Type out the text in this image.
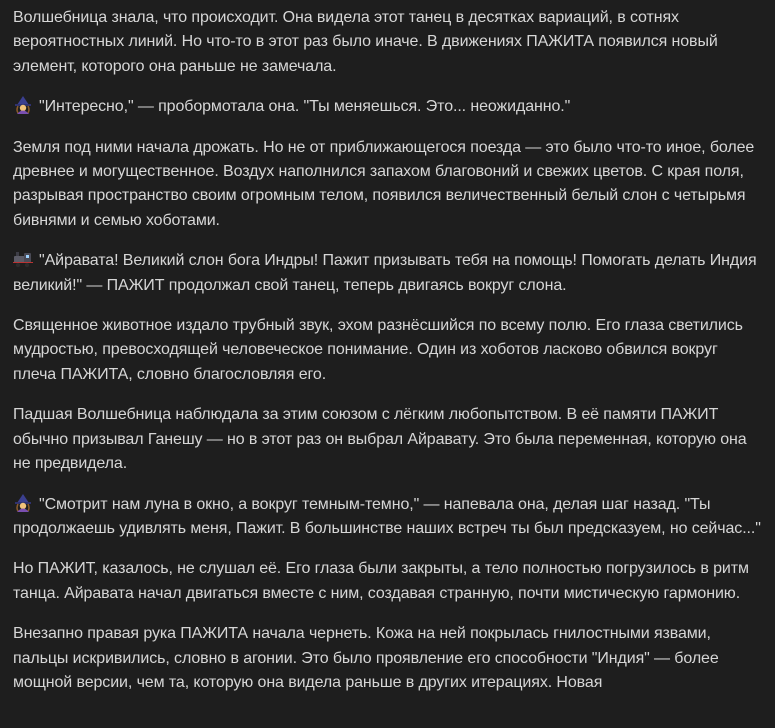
Волшебница знала, что происходит. Она видела этот танец в десятках вариаций, в сотнях вероятностных линий. Но что-то в этот раз было иначе. В движениях ПАЖИТА появился новый элемент, которого она раньше не замечала.

"Интересно," — пробормотала она. "Ты меняешься. Это... неожиданно."

Земля под ними начала дрожать. Но не от приближающегося поезда — это было что-то иное, более древнее и могущественное. Воздух наполнился запахом благовоний и свежих цветов. С края поля, разрывая пространство своим огромным телом, появился величественный белый слон с четырьмя бивнями и семью хоботами.

"Айравата! Великий слон бога Индры! Пажит призывать тебя на помощь! Помогать делать Индия великий!" — ПАЖИТ продолжал свой танец, теперь двигаясь вокруг слона.

Священное животное издало трубный звук, эхом разнёсшийся по всему полю. Его глаза светились мудростью, превосходящей человеческое понимание. Один из хоботов ласково обвился вокруг плеча ПАЖИТА, словно благословляя его.

Падшая Волшебница наблюдала за этим союзом с лёгким любопытством. В её памяти ПАЖИТ обычно призывал Ганешу — но в этот раз он выбрал Айравату. Это была переменная, которую она не предвидела.

"Смотрит нам луна в окно, а вокруг темным-темно," — напевала она, делая шаг назад. "Ты продолжаешь удивлять меня, Пажит. В большинстве наших встреч ты был предсказуем, но сейчас..."

Но ПАЖИТ, казалось, не слушал её. Его глаза были закрыты, а тело полностью погрузилось в ритм танца. Айравата начал двигаться вместе с ним, создавая странную, почти мистическую гармонию.

Внезапно правая рука ПАЖИТА начала чернеть. Кожа на ней покрылась гнилостными язвами, пальцы искривились, словно в агонии. Это было проявление его способности "Индия" — более мощной версии, чем та, которую она видела раньше в других итерациях. Новая
